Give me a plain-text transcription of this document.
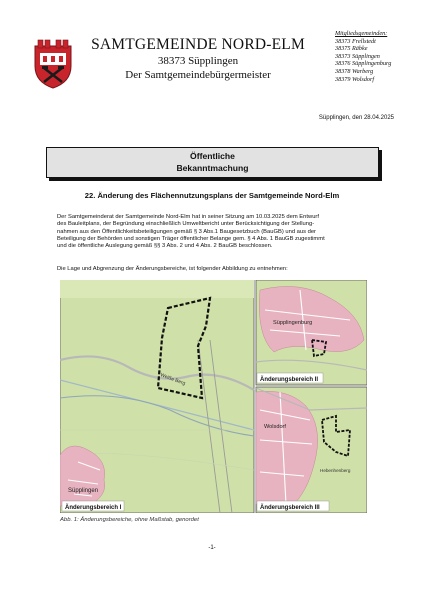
SAMTGEMEINDE NORD-ELM
38373 Süpplingen
Der Samtgemeindebürgermeister
Mitgliedsgemeinden:
38373 Frellstedt
38375 Räbke
38373 Süpplingen
38376 Süpplingenburg
38378 Warberg
38379 Wolsdorf
Süpplingen, den 28.04.2025
Öffentliche
Bekanntmachung
22. Änderung des Flächennutzungsplans der Samtgemeinde Nord-Elm
Der Samtgemeinderat der Samtgemeinde Nord-Elm hat in seiner Sitzung am 10.03.2025 dem Entwurf
des Bauleitplans, der Begründung einschließlich Umweltbericht unter Berücksichtigung der Stellung-
nahmen aus den Öffentlichkeitsbeteiligungen gemäß § 3 Abs.1 Baugesetzbuch (BauGB) und aus der
Beteiligung der Behörden und sonstigen Träger öffentlicher Belange gem. § 4 Abs. 1 BauGB zugestimmt
und die öffentliche Auslegung gemäß §§ 3 Abs. 2 und 4 Abs. 2 BauGB beschlossen.
Die Lage und Abgrenzung der Änderungsbereiche, ist folgender Abbildung zu entnehmen:
Weiße Berg
Süpplingen
Änderungsbereich I
Süpplingenburg
Änderungsbereich II
Wolsdorf
Hebenhenberg
Änderungsbereich III
Abb. 1: Änderungsbereiche, ohne Maßstab, genordet
-1-
